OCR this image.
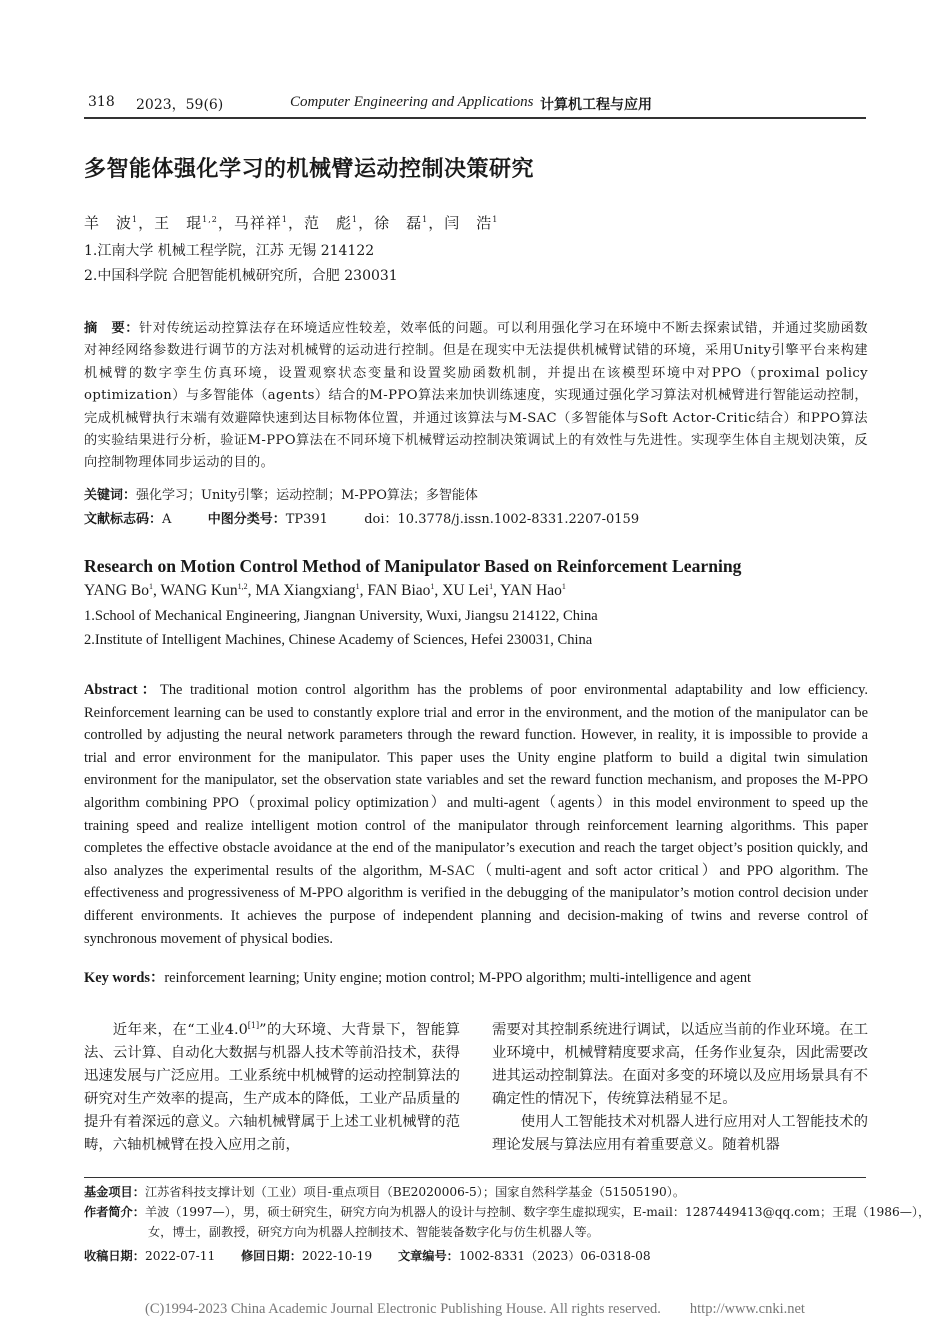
318 2023，59(6)	Computer Engineering and Applications 计算机工程与应用
多智能体强化学习的机械臂运动控制决策研究
羊　波$^1$，王　琨$^{1,2}$，马祥祥$^1$，范　彪$^1$，徐　磊$^1$，闫　浩$^1$
1.江南大学 机械工程学院，江苏 无锡 214122
2.中国科学院 合肥智能机械研究所，合肥 230031
摘　要：针对传统运动控算法存在环境适应性较差，效率低的问题。可以利用强化学习在环境中不断去探索试错，并通过奖励函数对神经网络参数进行调节的方法对机械臂的运动进行控制。但是在现实中无法提供机械臂试错的环境，采用Unity引擎平台来构建机械臂的数字孪生仿真环境，设置观察状态变量和设置奖励函数机制，并提出在该模型环境中对PPO（proximal policy optimization）与多智能体（agents）结合的M-PPO算法来加快训练速度，实现通过强化学习算法对机械臂进行智能运动控制，完成机械臂执行末端有效避障快速到达目标物体位置，并通过该算法与M-SAC（多智能体与Soft Actor-Critic结合）和PPO算法的实验结果进行分析，验证M-PPO算法在不同环境下机械臂运动控制决策调试上的有效性与先进性。实现孪生体自主规划决策，反向控制物理体同步运动的目的。
关键词：强化学习；Unity引擎；运动控制；M-PPO算法；多智能体
文献标志码：A	中图分类号：TP391	doi：10.3778/j.issn.1002-8331.2207-0159
Research on Motion Control Method of Manipulator Based on Reinforcement Learning
YANG Bo$^1$, WANG Kun$^{1,2}$, MA Xiangxiang$^1$, FAN Biao$^1$, XU Lei$^1$, YAN Hao$^1$
1.School of Mechanical Engineering, Jiangnan University, Wuxi, Jiangsu 214122, China
2.Institute of Intelligent Machines, Chinese Academy of Sciences, Hefei 230031, China
Abstract：The traditional motion control algorithm has the problems of poor environmental adaptability and low efficiency. Reinforcement learning can be used to constantly explore trial and error in the environment, and the motion of the manipulator can be controlled by adjusting the neural network parameters through the reward function. However, in reality, it is impossible to provide a trial and error environment for the manipulator. This paper uses the Unity engine platform to build a digital twin simulation environment for the manipulator, set the observation state variables and set the reward function mechanism, and proposes the M-PPO algorithm combining PPO（proximal policy optimization）and multi-agent（agents）in this model environment to speed up the training speed and realize intelligent motion control of the manipulator through reinforcement learning algorithms. This paper completes the effective obstacle avoidance at the end of the manipulator’s execution and reach the target object’s position quickly, and also analyzes the experimental results of the algorithm, M-SAC（multi-agent and soft actor critical）and PPO algorithm. The effectiveness and progressiveness of M-PPO algorithm is verified in the debugging of the manipulator’s motion control decision under different environments. It achieves the purpose of independent planning and decision-making of twins and reverse control of synchronous movement of physical bodies.
Key words：reinforcement learning; Unity engine; motion control; M-PPO algorithm; multi-intelligence and agent

近年来，在“工业4.0[1]”的大环境、大背景下，智能算法、云计算、自动化大数据与机器人技术等前沿技术，获得迅速发展与广泛应用。工业系统中机械臂的运动控制算法的研究对生产效率的提高，生产成本的降低，工业产品质量的提升有着深远的意义。六轴机械臂属于上述工业机械臂的范畴，六轴机械臂在投入应用之前，

需要对其控制系统进行调试，以适应当前的作业环境。在工业环境中，机械臂精度要求高，任务作业复杂，因此需要改进其运动控制算法。在面对多变的环境以及应用场景具有不确定性的情况下，传统算法稍显不足。

使用人工智能技术对机器人进行应用对人工智能技术的理论发展与算法应用有着重要意义。随着机器

基金项目：江苏省科技支撑计划（工业）项目-重点项目（BE2020006-5）；国家自然科学基金（51505190）。
作者简介：羊波（1997—），男，硕士研究生，研究方向为机器人的设计与控制、数字孪生虚拟现实，E-mail：1287449413@qq.com；王琨（1986—），女，博士，副教授，研究方向为机器人控制技术、智能装备数字化与仿生机器人等。
收稿日期：2022-07-11 修回日期：2022-10-19 文章编号：1002-8331（2023）06-0318-08
(C)1994-2023 China Academic Journal Electronic Publishing House. All rights reserved.　　http://www.cnki.net
